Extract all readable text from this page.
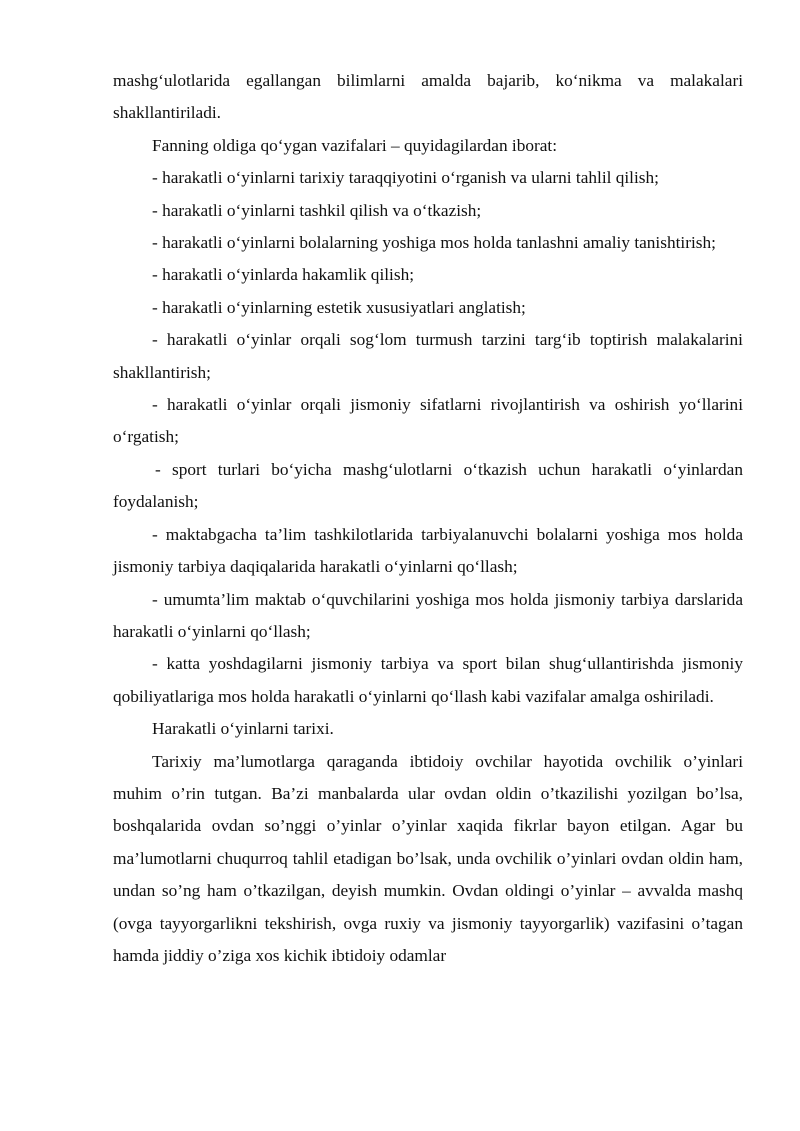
mashg‘ulotlarida egallangan bilimlarni amalda bajarib, ko‘nikma va malakalari shakllantiriladi.

Fanning oldiga qo‘ygan vazifalari – quyidagilardan iborat:

- harakatli o‘yinlarni tarixiy taraqqiyotini o‘rganish va ularni tahlil qilish;

- harakatli o‘yinlarni tashkil qilish va o‘tkazish;

- harakatli o‘yinlarni bolalarning yoshiga mos holda tanlashni amaliy tanishtirish;

- harakatli o‘yinlarda hakamlik qilish;

- harakatli o‘yinlarning estetik xususiyatlari anglatish;

- harakatli o‘yinlar orqali sog‘lom turmush tarzini targ‘ib toptirish malakalarini shakllantirish;

- harakatli o‘yinlar orqali jismoniy sifatlarni rivojlantirish va oshirish yo‘llarini o‘rgatish;

- sport turlari bo‘yicha mashg‘ulotlarni o‘tkazish uchun harakatli o‘yinlardan foydalanish;

- maktabgacha ta’lim tashkilotlarida tarbiyalanuvchi bolalarni yoshiga mos holda jismoniy tarbiya daqiqalarida harakatli o‘yinlarni qo‘llash;

- umumta’lim maktab o‘quvchilarini yoshiga mos holda jismoniy tarbiya darslarida harakatli o‘yinlarni qo‘llash;

- katta yoshdagilarni jismoniy tarbiya va sport bilan shug‘ullantirishda jismoniy qobiliyatlariga mos holda harakatli o‘yinlarni qo‘llash kabi vazifalar amalga oshiriladi.

Harakatli o‘yinlarni tarixi.

Tarixiy ma’lumotlarga qaraganda ibtidoiy ovchilar hayotida ovchilik o’yinlari muhim o’rin tutgan. Ba’zi manbalarda ular ovdan oldin o’tkazilishi yozilgan bo’lsa, boshqalarida ovdan so’nggi o’yinlar o’yinlar xaqida fikrlar bayon etilgan. Agar bu ma’lumotlarni chuqurroq tahlil etadigan bo’lsak, unda ovchilik o’yinlari ovdan oldin ham, undan so’ng ham o’tkazilgan, deyish mumkin. Ovdan oldingi o’yinlar – avvalda mashq (ovga tayyorgarlikni tekshirish, ovga ruxiy va jismoniy tayyorgarlik) vazifasini o’tagan hamda jiddiy o’ziga xos kichik ibtidoiy odamlar
